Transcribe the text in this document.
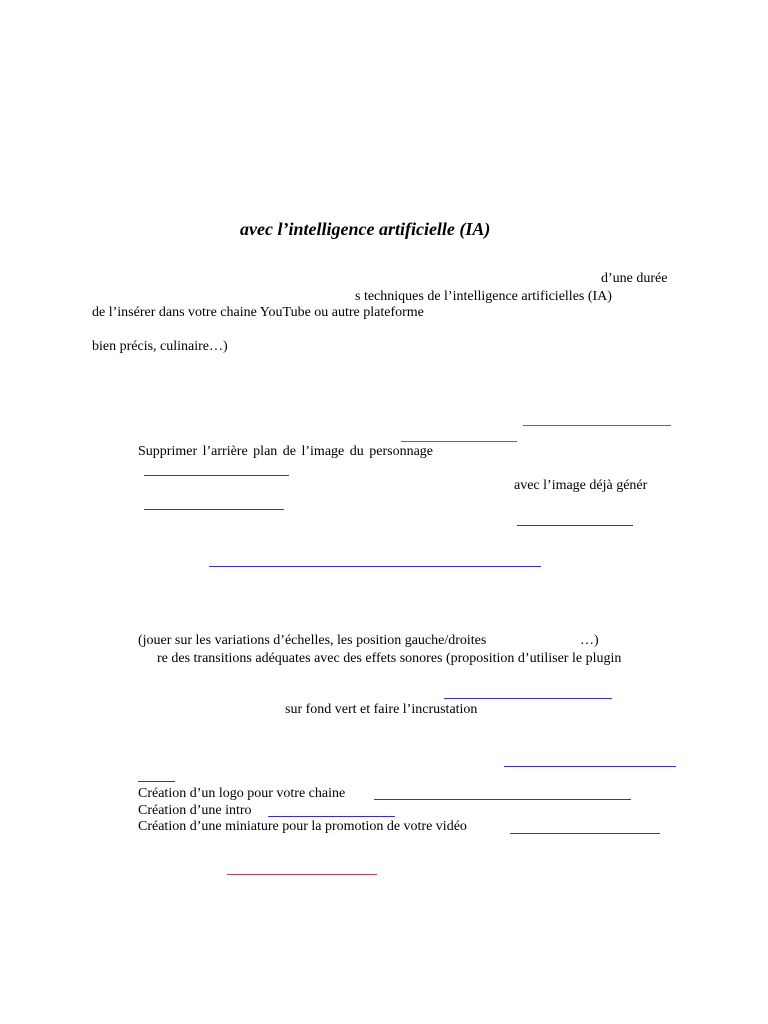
avec l’intelligence artificielle (IA)
d’une durée
s techniques de l’intelligence artificielles (IA)
de l’insérer dans votre chaine YouTube ou autre plateforme
bien précis, culinaire…)
Supprimer l’arrière plan de l’image du personnage
avec l’image déjà génér
(jouer sur les variations d’échelles, les position gauche/droites	…)
re des transitions adéquates avec des effets sonores (proposition d’utiliser le plugin
sur fond vert et faire l’incrustation
Création d’un logo pour votre chaine
Création d’une intro
Création d’une miniature pour la promotion de votre vidéo
